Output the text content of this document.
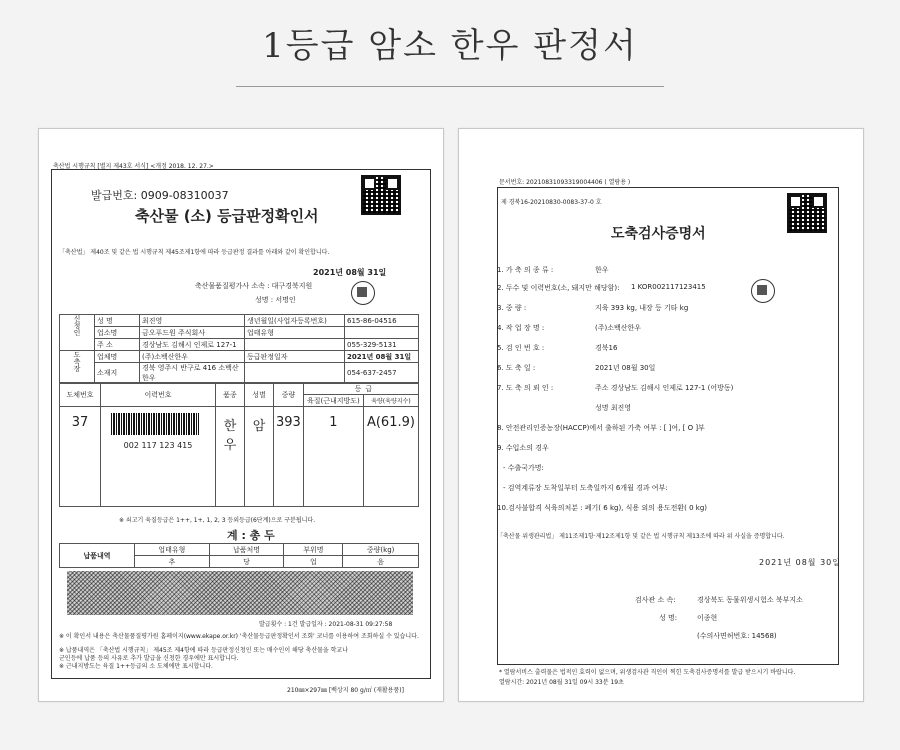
1등급 암소 한우 판정서
축산법 시행규칙 [별지 제43호 서식] <개정 2018. 12. 27.>
발급번호: 0909-08310037
축산물 (소) 등급판정확인서
「축산법」 제40조 및 같은 법 시행규칙 제45조제1항에 따라 등급판정 결과를 아래와 같이 확인합니다.
2021년 08월 31일
축산물품질평가사 소속 : 대구경북지원
성명 : 서명인
신청인	성 명	최진영	생년월일(사업자등록번호)	615-86-04516
	업소명	금오푸드원 주식회사	업태유형	
	주 소	경상남도 김해시 인제로 127-1		055-329-5131
도축장	업체명	(주)소백산한우	등급판정일자	2021년 08월 31일
	소재지	경북 영주시 반구로 416 소백산한우		054-637-2457
도체번호	이력번호	품종	성별	중량	등	급
					육질(근내지방도)	육량(육량지수)
37	002 117 123 415	한우	암	393	1	A(61.9)
※ 쇠고기 육질등급은 1++, 1+, 1, 2, 3 등외등급(6단계)으로 구분됩니다.
계 : 총 두
납품내역	업태유형	납품처명	부위명	중량(kg)
	추	당	업	음
발급횟수 : 1건 발급일자 : 2021-08-31 09:27:58
※ 이 확인서 내용은 축산물품질평가원 홈페이지(www.ekape.or.kr) '축산물등급판정확인서 조회' 코너를 이용하여 조회하실 수 있습니다.
※ 납품내역은 「축산법 시행규칙」 제45조 제4항에 따라 등급판정신청인 또는 매수인이 해당 축산물을 학교나
군인등에 납품 등의 사유로 추가 발급을 신청한 경우에만 표시합니다.
※ 근내지방도는 육질 1++등급의 소 도체에만 표시합니다.
210㎜×297㎜ [백상지 80 g/㎡ (재활용품)]
문서번호: 20210831093319004406 ( 열람용 )
제 경북16-20210830-0083-37-0 호
도축검사증명서
1. 가 축 의 종 류 :	한우
2. 두수 및 이력번호(소, 돼지만 해당함): 1 KOR002117123415
3. 중 량 :	지육 393 kg, 내장 등 기타 kg
4. 작 업 장 명 :	(주)소백산한우
5. 검 인 번 호 :	경북16
6. 도 축 일 :	2021년 08월 30일
7. 도 축 의 뢰 인 :	주소 경상남도 김해시 인제로 127-1 (어방동)
성명 최진영
8. 안전관리인증농장(HACCP)에서 출하된 가축 여부 : [ ]여, [ O ]부
9. 수입소의 경우
- 수출국가명:
- 검역계류장 도착일부터 도축일까지 6개월 경과 여부:
10.검사불합격 식육의처분 : 폐기( 6 kg), 식용 외의 용도전환( 0 kg)
「축산물 위생관리법」 제11조제1항·제12조제1항 및 같은 법 시행규칙 제13조에 따라 위 사실을 증명합니다.
2021년 08월 30일
검사관 소 속:	경상북도 동물위생시험소 북부지소
성 명:	이종현
(수의사면허번호: 14568)
* 열람서비스 출력물은 법적인 효력이 없으며, 위생검사관 직인이 찍힌 도축검사증명서를 발급 받으시기 바랍니다.
열람시간: 2021년 08월 31일 09시 33분 19초
